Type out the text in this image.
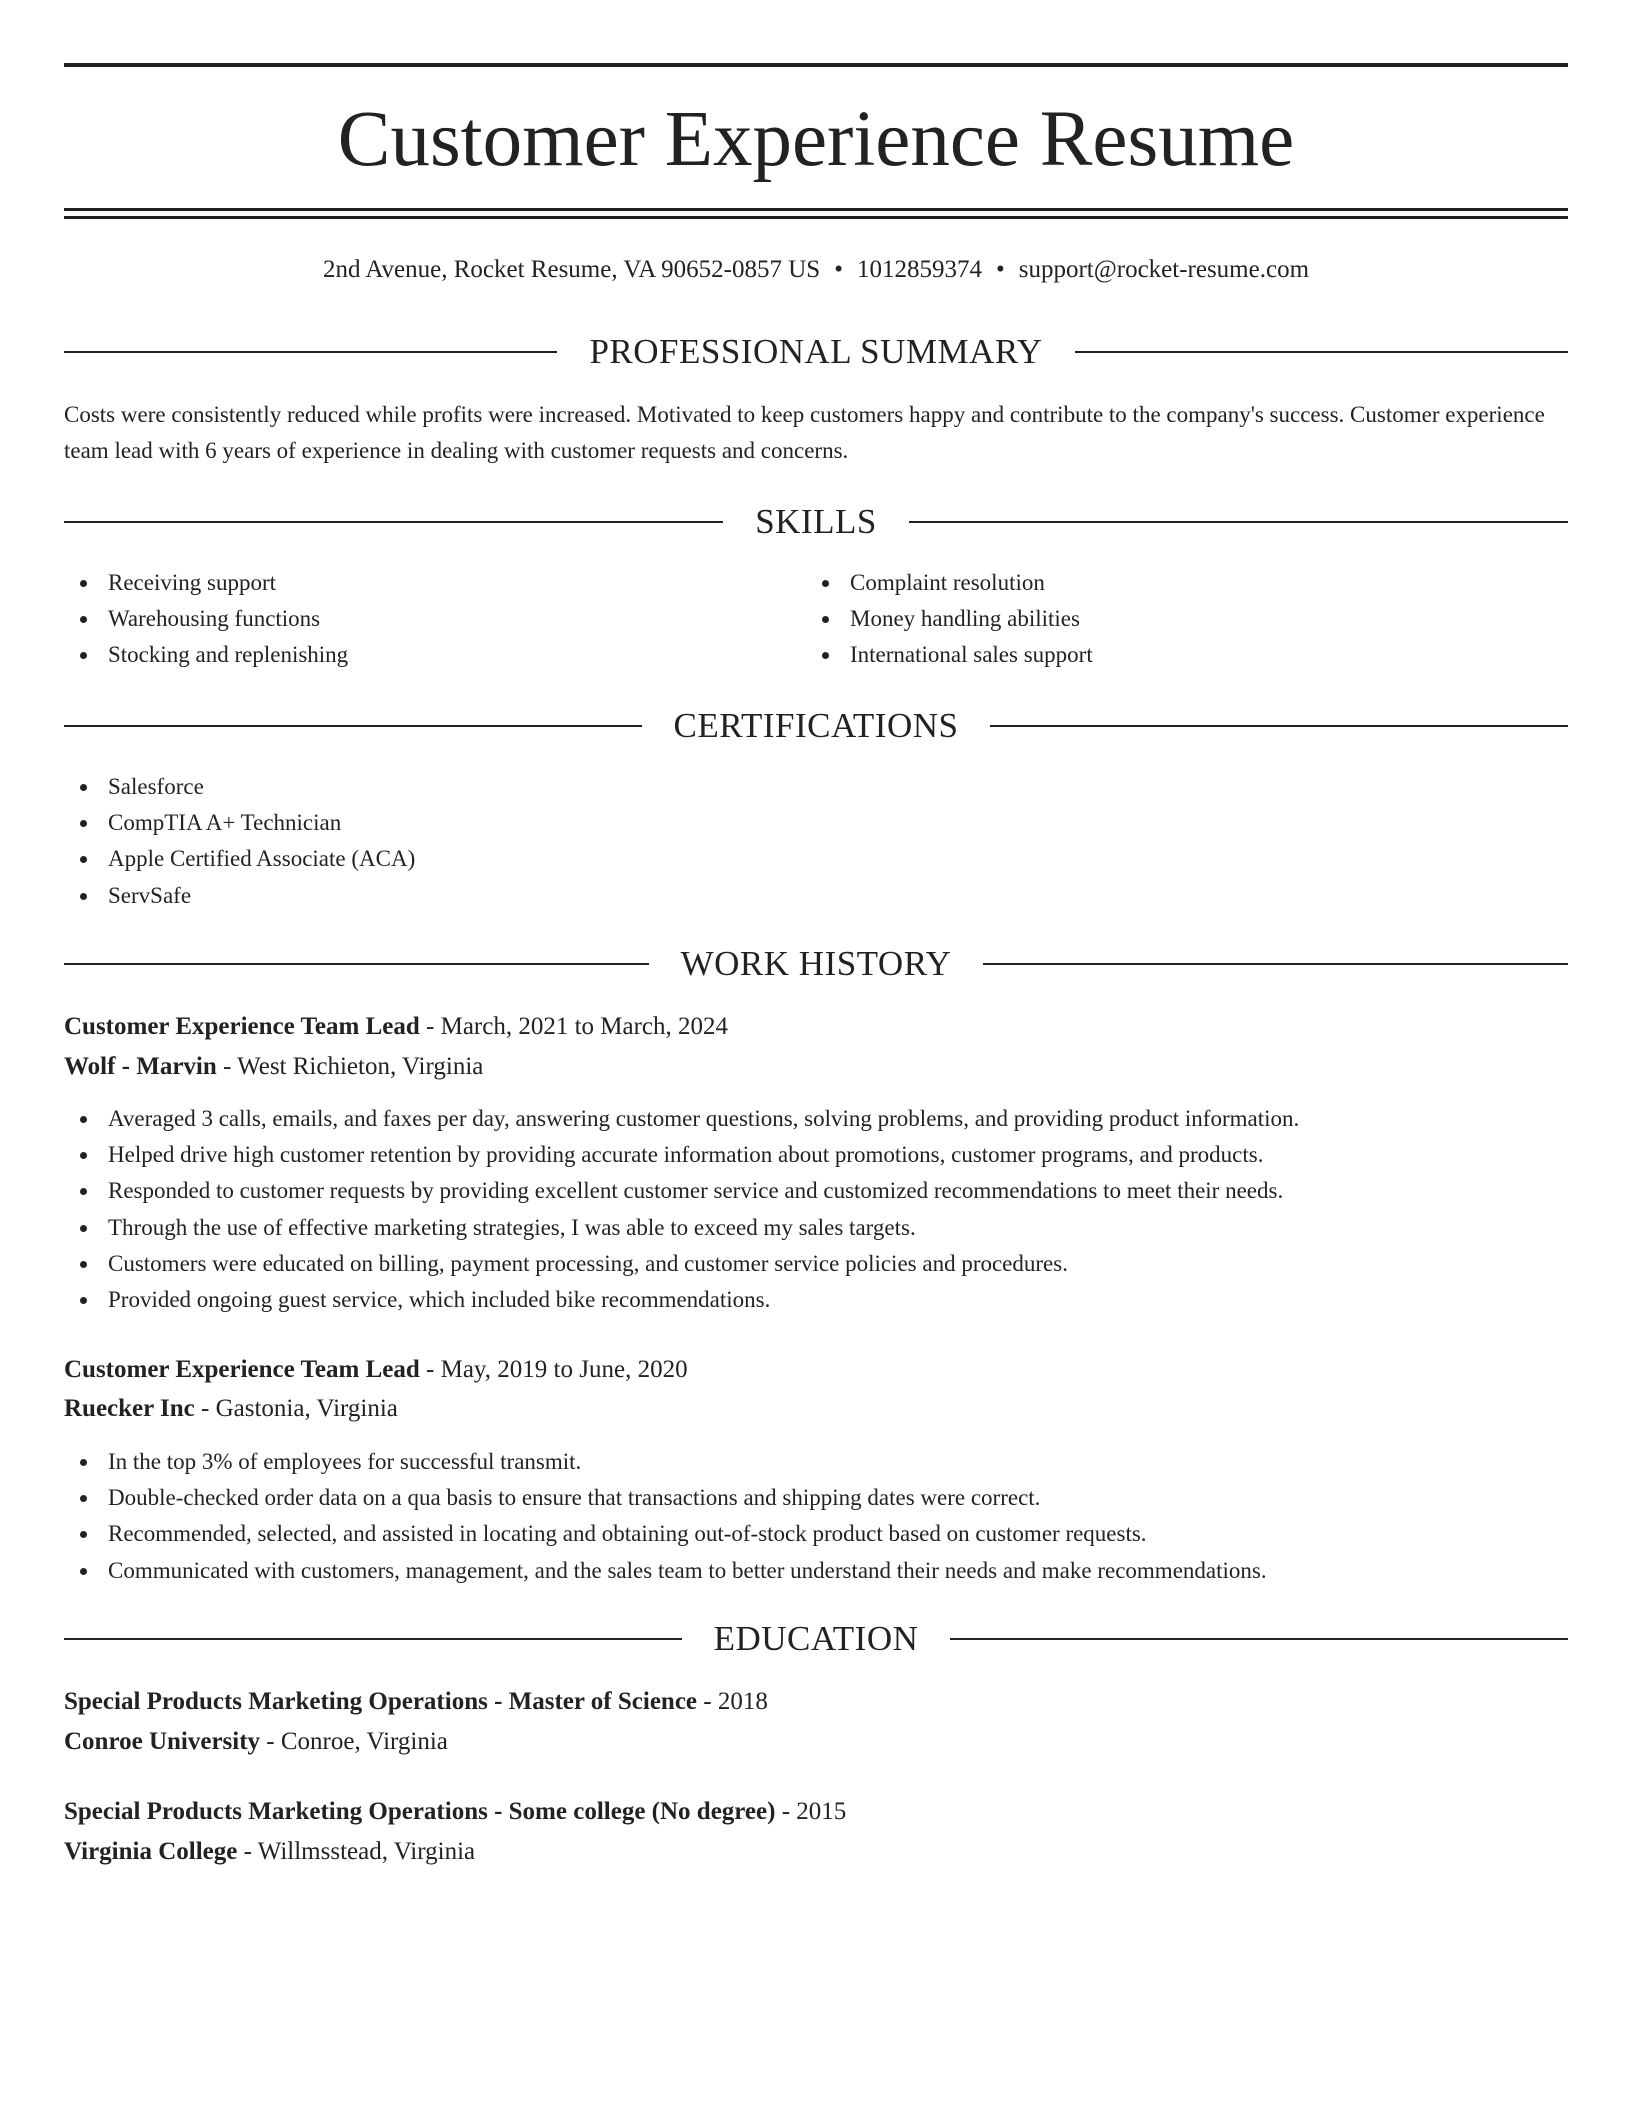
Customer Experience Resume
2nd Avenue, Rocket Resume, VA 90652-0857 US • 1012859374 • support@rocket-resume.com
PROFESSIONAL SUMMARY

Costs were consistently reduced while profits were increased. Motivated to keep customers happy and contribute to the company's success. Customer experience team lead with 6 years of experience in dealing with customer requests and concerns.

SKILLS
Receiving support
Warehousing functions
Stocking and replenishing
Complaint resolution
Money handling abilities
International sales support
CERTIFICATIONS
Salesforce
CompTIA A+ Technician
Apple Certified Associate (ACA)
ServSafe
WORK HISTORY
Customer Experience Team Lead - March, 2021 to March, 2024
Wolf - Marvin - West Richieton, Virginia
Averaged 3 calls, emails, and faxes per day, answering customer questions, solving problems, and providing product information.
Helped drive high customer retention by providing accurate information about promotions, customer programs, and products.
Responded to customer requests by providing excellent customer service and customized recommendations to meet their needs.
Through the use of effective marketing strategies, I was able to exceed my sales targets.
Customers were educated on billing, payment processing, and customer service policies and procedures.
Provided ongoing guest service, which included bike recommendations.
Customer Experience Team Lead - May, 2019 to June, 2020
Ruecker Inc - Gastonia, Virginia
In the top 3% of employees for successful transmit.
Double-checked order data on a qua basis to ensure that transactions and shipping dates were correct.
Recommended, selected, and assisted in locating and obtaining out-of-stock product based on customer requests.
Communicated with customers, management, and the sales team to better understand their needs and make recommendations.
EDUCATION
Special Products Marketing Operations - Master of Science - 2018
Conroe University - Conroe, Virginia
Special Products Marketing Operations - Some college (No degree) - 2015
Virginia College - Willmsstead, Virginia
